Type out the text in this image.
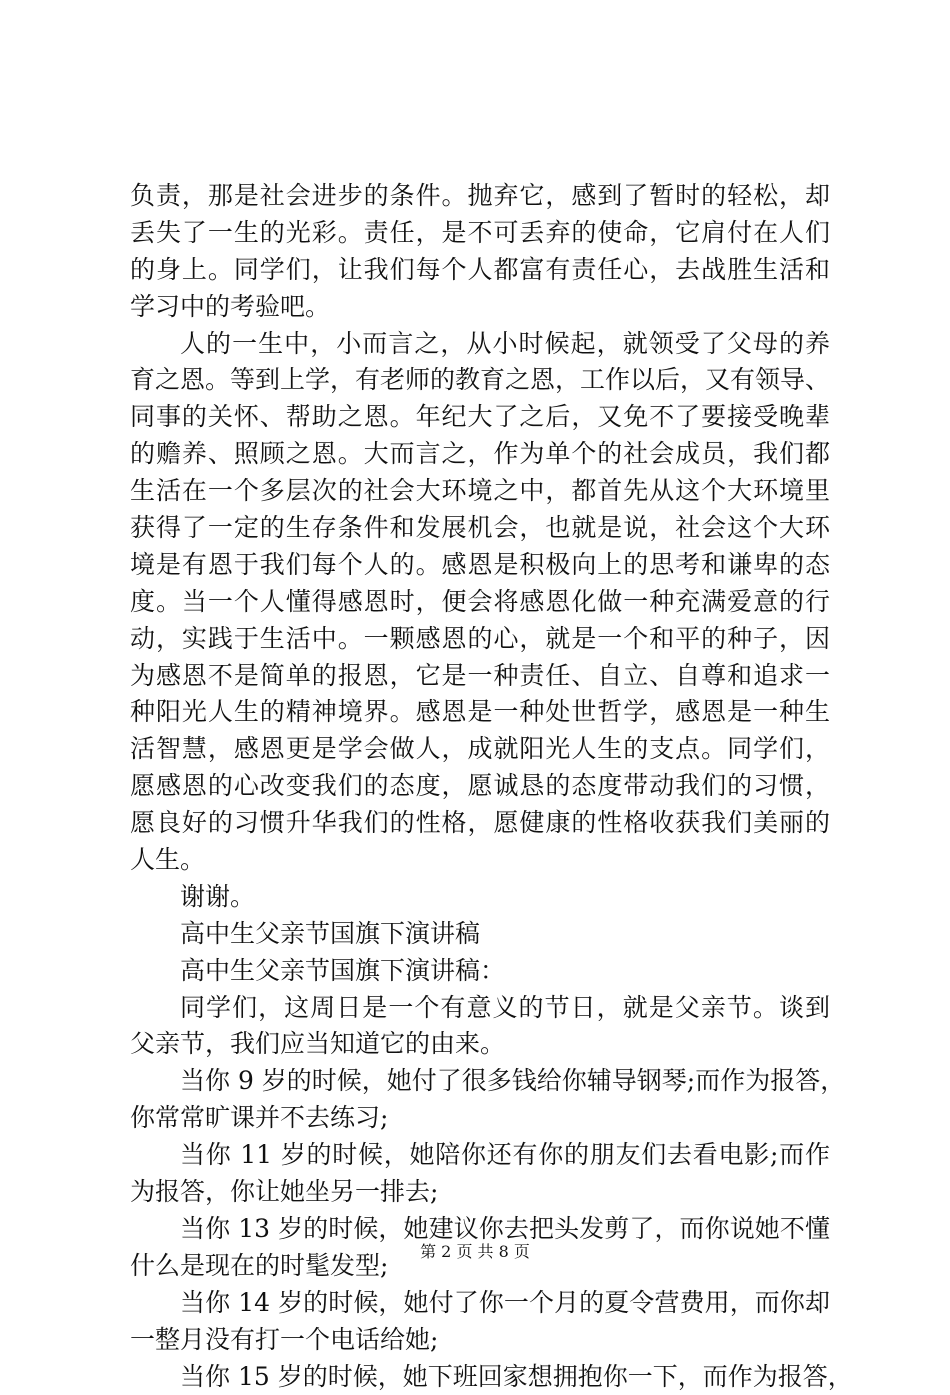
负责，那是社会进步的条件。抛弃它，感到了暂时的轻松，却
丢失了一生的光彩。责任，是不可丢弃的使命，它肩付在人们
的身上。同学们，让我们每个人都富有责任心，去战胜生活和
学习中的考验吧。
人的一生中，小而言之，从小时候起，就领受了父母的养
育之恩。等到上学，有老师的教育之恩，工作以后，又有领导、
同事的关怀、帮助之恩。年纪大了之后，又免不了要接受晚辈
的赡养、照顾之恩。大而言之，作为单个的社会成员，我们都
生活在一个多层次的社会大环境之中，都首先从这个大环境里
获得了一定的生存条件和发展机会，也就是说，社会这个大环
境是有恩于我们每个人的。感恩是积极向上的思考和谦卑的态
度。当一个人懂得感恩时，便会将感恩化做一种充满爱意的行
动，实践于生活中。一颗感恩的心，就是一个和平的种子，因
为感恩不是简单的报恩，它是一种责任、自立、自尊和追求一
种阳光人生的精神境界。感恩是一种处世哲学，感恩是一种生
活智慧，感恩更是学会做人，成就阳光人生的支点。同学们，
愿感恩的心改变我们的态度，愿诚恳的态度带动我们的习惯，
愿良好的习惯升华我们的性格，愿健康的性格收获我们美丽的
人生。
谢谢。
高中生父亲节国旗下演讲稿
高中生父亲节国旗下演讲稿：
同学们，这周日是一个有意义的节日，就是父亲节。谈到
父亲节，我们应当知道它的由来。
当你 9 岁的时候，她付了很多钱给你辅导钢琴;而作为报答，
你常常旷课并不去练习;
当你 11 岁的时候，她陪你还有你的朋友们去看电影;而作
为报答，你让她坐另一排去;
当你 13 岁的时候，她建议你去把头发剪了，而你说她不懂
什么是现在的时髦发型;
当你 14 岁的时候，她付了你一个月的夏令营费用，而你却
一整月没有打一个电话给她;
当你 15 岁的时候，她下班回家想拥抱你一下，而作为报答，
第 2 页 共 8 页
